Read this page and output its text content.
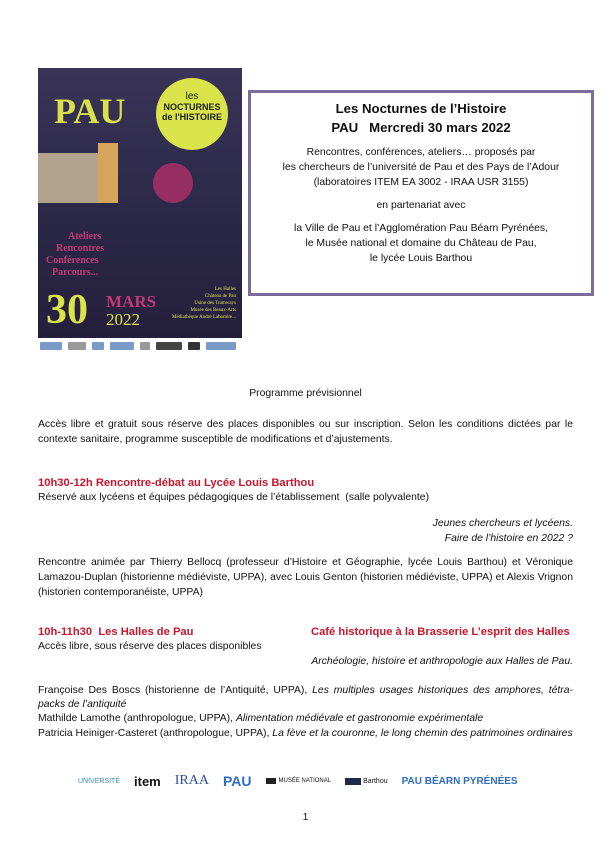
PAU	les
NOCTURNES
de l'HISTOIRE
Ateliers
Rencontres
Conférences
Parcours...
30 MARS
2022
Les Halles
Château de Pau
Usine des Tramways
Musée des Beaux-Arts
Médiathèque André Labarrère...
Les Nocturnes de l’Histoire
PAU   Mercredi 30 mars 2022
Rencontres, conférences, ateliers… proposés par
les chercheurs de l’université de Pau et des Pays de l’Adour
(laboratoires ITEM EA 3002 - IRAA USR 3155)
en partenariat avec
la Ville de Pau et l’Agglomération Pau Béarn Pyrénées,
le Musée national et domaine du Château de Pau,
le lycée Louis Barthou
Programme prévisionnel
Accès libre et gratuit sous réserve des places disponibles ou sur inscription. Selon les conditions dictées par le contexte sanitaire, programme susceptible de modifications et d’ajustements.
10h30-12h Rencontre-débat au Lycée Louis Barthou
Réservé aux lycéens et équipes pédagogiques de l’établissement  (salle polyvalente)
Jeunes chercheurs et lycéens.
Faire de l’histoire en 2022 ?
Rencontre animée par Thierry Bellocq (professeur d’Histoire et Géographie, lycée Louis Barthou) et Véronique Lamazou-Duplan (historienne médiéviste, UPPA), avec Louis Genton (historien médiéviste, UPPA) et Alexis Vrignon (historien contemporanéiste, UPPA)
10h-11h30  Les Halles de Pau	Café historique à la Brasserie L’esprit des Halles
Accès libre, sous réserve des places disponibles
Archéologie, histoire et anthropologie aux Halles de Pau.
Françoise Des Boscs (historienne de l’Antiquité, UPPA), Les multiples usages historiques des amphores, tétra-packs de l’antiquité
Mathilde Lamothe (anthropologue, UPPA), Alimentation médiévale et gastronomie expérimentale
Patricia Heiniger-Casteret (anthropologue, UPPA), La fève et la couronne, le long chemin des patrimoines ordinaires
UNIVERSITÉ item IRAA PAU	MUSÉE NATIONAL	Barthou PAU BÉARN PYRÉNÉES
1
